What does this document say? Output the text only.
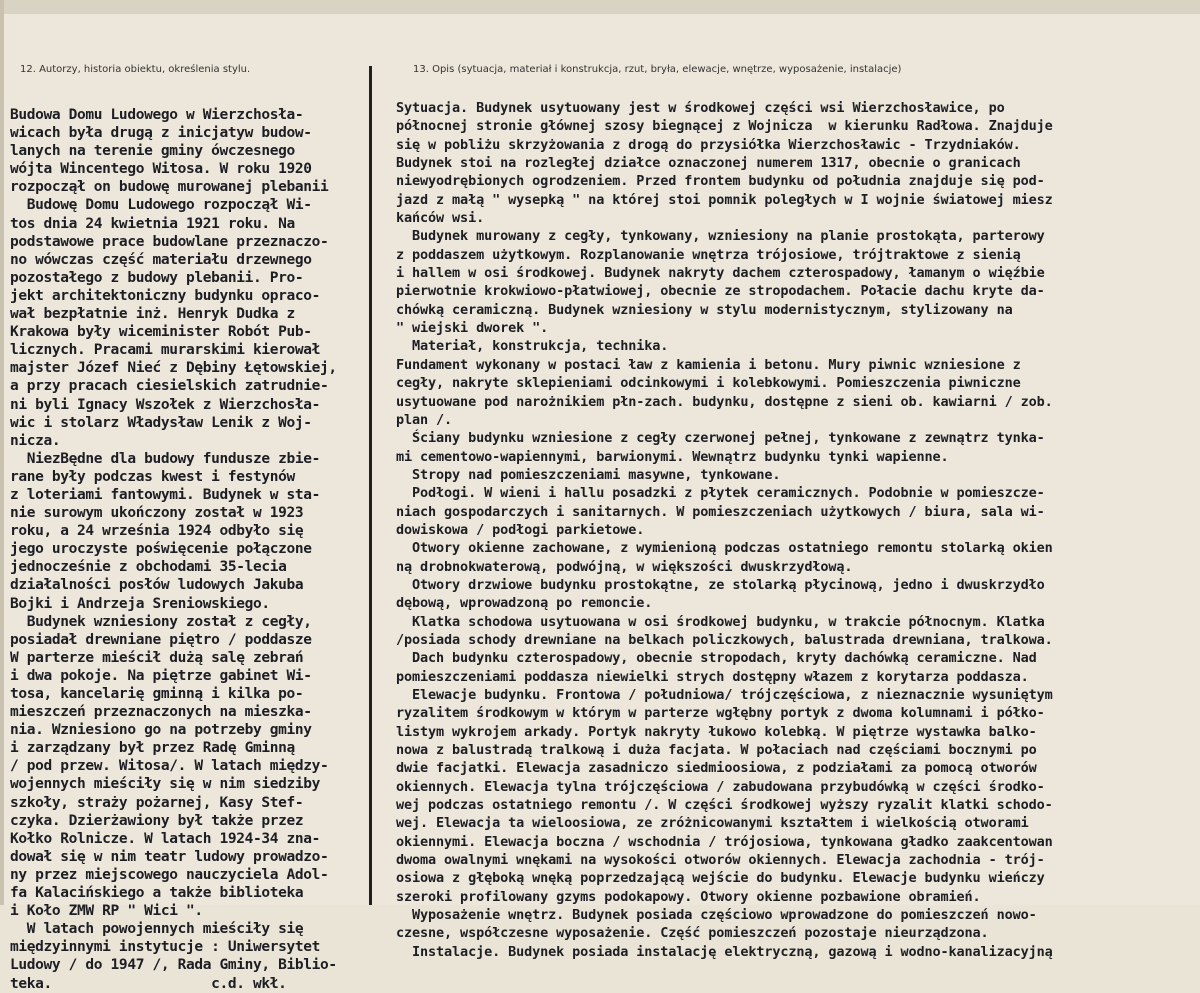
12. Autorzy, historia obiektu, określenia stylu.	13. Opis (sytuacja, materiał i konstrukcja, rzut, bryła, elewacje, wnętrze, wyposażenie, instalacje)
Budowa Domu Ludowego w Wierzchosła-
wicach była drugą z inicjatyw budow-
lanych na terenie gminy ówczesnego
wójta Wincentego Witosa. W roku 1920
rozpoczął on budowę murowanej plebanii
Budowę Domu Ludowego rozpoczął Wi-
tos dnia 24 kwietnia 1921 roku. Na
podstawowe prace budowlane przeznaczo-
no wówczas część materiału drzewnego
pozostałego z budowy plebanii. Pro-
jekt architektoniczny budynku opraco-
wał bezpłatnie inż. Henryk Dudka z
Krakowa były wiceminister Robót Pub-
licznych. Pracami murarskimi kierował
majster Józef Nieć z Dębiny Łętowskiej,
a przy pracach ciesielskich zatrudnie-
ni byli Ignacy Wszołek z Wierzchosła-
wic i stolarz Władysław Lenik z Woj-
nicza.
NiezBędne dla budowy fundusze zbie-
rane były podczas kwest i festynów
z loteriami fantowymi. Budynek w sta-
nie surowym ukończony został w 1923
roku, a 24 września 1924 odbyło się
jego uroczyste poświęcenie połączone
jednocześnie z obchodami 35-lecia
działalności posłów ludowych Jakuba
Bojki i Andrzeja Sreniowskiego.
Budynek wzniesiony został z cegły,
posiadał drewniane piętro / poddasze
W parterze mieścił dużą salę zebrań
i dwa pokoje. Na piętrze gabinet Wi-
tosa, kancelarię gminną i kilka po-
mieszczeń przeznaczonych na mieszka-
nia. Wzniesiono go na potrzeby gminy
i zarządzany był przez Radę Gminną
/ pod przew. Witosa/. W latach między-
wojennych mieściły się w nim siedziby
szkoły, straży pożarnej, Kasy Stef-
czyka. Dzierżawiony był także przez
Kołko Rolnicze. W latach 1924-34 zna-
dował się w nim teatr ludowy prowadzo-
ny przez miejscowego nauczyciela Adol-
fa Kalacińskiego a także biblioteka
i Koło ZMW RP " Wici ".
W latach powojennych mieściły się
międzyinnymi instytucje : Uniwersytet
Ludowy / do 1947 /, Rada Gminy, Biblio-
teka.                   c.d. wkł.
Sytuacja. Budynek usytuowany jest w środkowej części wsi Wierzchosławice, po
północnej stronie głównej szosy biegnącej z Wojnicza  w kierunku Radłowa. Znajduje
się w pobliżu skrzyżowania z drogą do przysiółka Wierzchosławic - Trzydniaków.
Budynek stoi na rozległej działce oznaczonej numerem 1317, obecnie o granicach
niewyodrębionych ogrodzeniem. Przed frontem budynku od południa znajduje się pod-
jazd z małą " wysepką " na której stoi pomnik poległych w I wojnie światowej miesz
kańców wsi.
Budynek murowany z cegły, tynkowany, wzniesiony na planie prostokąta, parterowy
z poddaszem użytkowym. Rozplanowanie wnętrza trójosiowe, trójtraktowe z sienią
i hallem w osi środkowej. Budynek nakryty dachem czterospadowy, łamanym o więźbie
pierwotnie krokwiowo-płatwiowej, obecnie ze stropodachem. Połacie dachu kryte da-
chówką ceramiczną. Budynek wzniesiony w stylu modernistycznym, stylizowany na
" wiejski dworek ".
Materiał, konstrukcja, technika.
Fundament wykonany w postaci ław z kamienia i betonu. Mury piwnic wzniesione z
cegły, nakryte sklepieniami odcinkowymi i kolebkowymi. Pomieszczenia piwniczne
usytuowane pod narożnikiem płn-zach. budynku, dostępne z sieni ob. kawiarni / zob.
plan /.
Ściany budynku wzniesione z cegły czerwonej pełnej, tynkowane z zewnątrz tynka-
mi cementowo-wapiennymi, barwionymi. Wewnątrz budynku tynki wapienne.
Stropy nad pomieszczeniami masywne, tynkowane.
Podłogi. W wieni i hallu posadzki z płytek ceramicznych. Podobnie w pomieszcze-
niach gospodarczych i sanitarnych. W pomieszczeniach użytkowych / biura, sala wi-
dowiskowa / podłogi parkietowe.
Otwory okienne zachowane, z wymienioną podczas ostatniego remontu stolarką okien
ną drobnokwaterową, podwójną, w większości dwuskrzydłową.
Otwory drzwiowe budynku prostokątne, ze stolarką płycinową, jedno i dwuskrzydło
dębową, wprowadzoną po remoncie.
Klatka schodowa usytuowana w osi środkowej budynku, w trakcie północnym. Klatka
/posiada schody drewniane na belkach policzkowych, balustrada drewniana, tralkowa.
Dach budynku czterospadowy, obecnie stropodach, kryty dachówką ceramiczne. Nad
pomieszczeniami poddasza niewielki strych dostępny włazem z korytarza poddasza.
Elewacje budynku. Frontowa / południowa/ trójczęściowa, z nieznacznie wysuniętym
ryzalitem środkowym w którym w parterze wgłębny portyk z dwoma kolumnami i półko-
listym wykrojem arkady. Portyk nakryty łukowo kolebką. W piętrze wystawka balko-
nowa z balustradą tralkową i duża facjata. W połaciach nad częściami bocznymi po
dwie facjatki. Elewacja zasadniczo siedmioosiowa, z podziałami za pomocą otworów
okiennych. Elewacja tylna trójczęściowa / zabudowana przybudówką w części środko-
wej podczas ostatniego remontu /. W części środkowej wyższy ryzalit klatki schodo-
wej. Elewacja ta wieloosiowa, ze zróżnicowanymi kształtem i wielkością otworami
okiennymi. Elewacja boczna / wschodnia / trójosiowa, tynkowana gładko zaakcentowan
dwoma owalnymi wnękami na wysokości otworów okiennych. Elewacja zachodnia - trój-
osiowa z głęboką wnęką poprzedzającą wejście do budynku. Elewacje budynku wieńczy
szeroki profilowany gzyms podokapowy. Otwory okienne pozbawione obramień.
Wyposażenie wnętrz. Budynek posiada częściowo wprowadzone do pomieszczeń nowo-
czesne, współczesne wyposażenie. Część pomieszczeń pozostaje nieurządzona.
Instalacje. Budynek posiada instalację elektryczną, gazową i wodno-kanalizacyjną
